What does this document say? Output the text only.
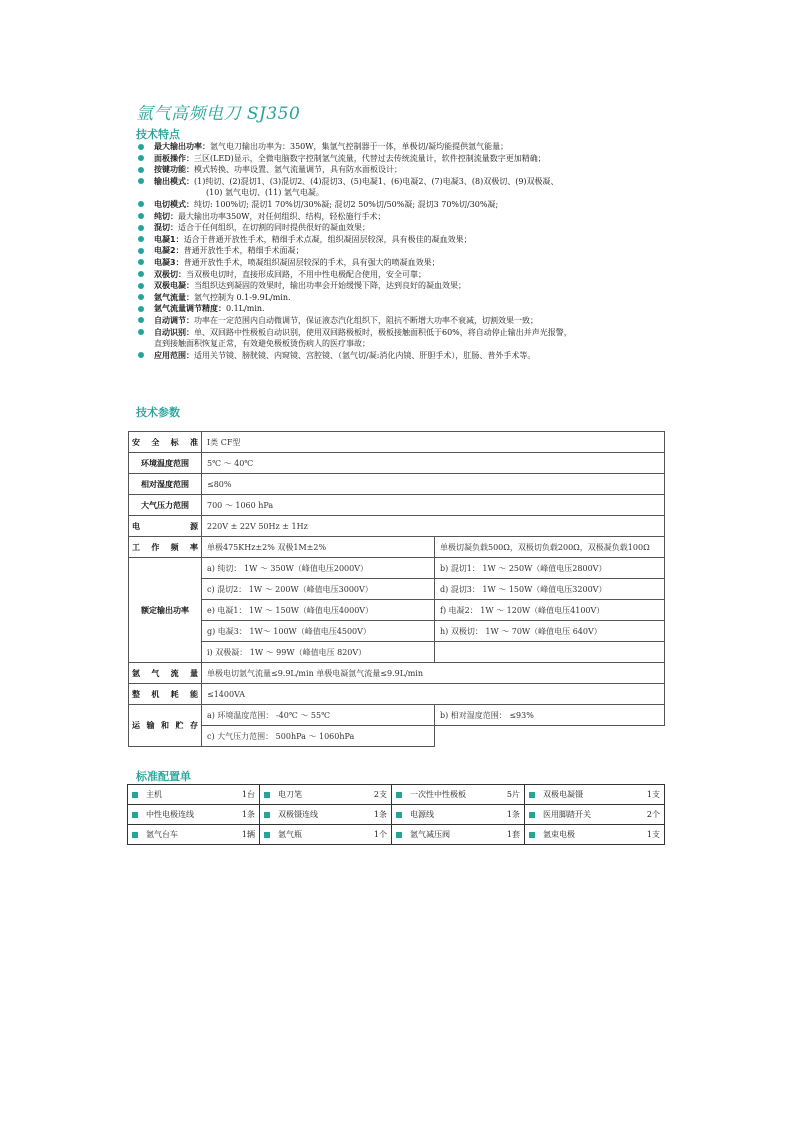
氩气高频电刀 SJ350
技术特点
最大输出功率：氩气电刀输出功率为：350W，集氩气控制器于一体，单极切/凝均能提供氩气能量；
面板操作：三区(LED)显示，全微电脑数字控制氩气流量，代替过去传统流量计，软件控制流量数字更加精确；
按键功能：模式转换、功率设置、氩气流量调节，具有防水面板设计；
输出模式：(1)纯切、(2)混切1、(3)混切2、(4)混切3、(5)电凝1、(6)电凝2、(7)电凝3、(8)双极切、(9)双极凝、
(10) 氩气电切、(11) 氩气电凝。
电切模式：纯切: 100%切; 混切1 70%切/30%凝; 混切2 50%切/50%凝; 混切3 70%切/30%凝;
纯切：最大输出功率350W，对任何组织、结构，轻松施行手术；
混切：适合于任何组织，在切割的同时提供很好的凝血效果；
电凝1：适合于普通开放性手术，精细手术点凝，组织凝固层较深，具有极佳的凝血效果；
电凝2：普通开放性手术，精细手术面凝；
电凝3：普通开放性手术，喷凝组织凝固层较深的手术，具有强大的喷凝血效果；
双极切：当双极电切时，直接形成回路，不用中性电极配合使用，安全可靠；
双极电凝：当组织达到凝固的效果时，输出功率会开始缓慢下降，达到良好的凝血效果；
氩气流量：氩气控制为 0.1-9.9L/min.
氩气流量调节精度：0.1L/min.
自动调节：功率在一定范围内自动微调节，保证液态汽化组织下，阻抗不断增大功率不衰减，切割效果一致；
自动识别：单、双回路中性极板自动识别，使用双回路极板时，极板接触面积低于60%，将自动停止输出并声光报警，
直到接触面积恢复正常，有效避免极板烫伤病人的医疗事故；
应用范围：适用关节镜、膀胱镜、内窥镜、宫腔镜、（氩气切/凝:消化内镜、肝胆手术），肛肠、普外手术等。
技术参数
安 全 标 准	Ⅰ类 CF型	
环境温度范围	5℃ ～ 40℃	
相对湿度范围	≤80%	
大气压力范围	700 ～ 1060 hPa	
电 源	220V ± 22V 50Hz ± 1Hz	
工 作 频 率	单极475KHz±2% 双极1M±2%	单极切凝负载500Ω，双极切负载200Ω，双极凝负载100Ω
额定输出功率	a) 纯切： 1W ～ 350W（峰值电压2000V）	b) 混切1： 1W ～ 250W（峰值电压2800V）
	c) 混切2： 1W ～ 200W（峰值电压3000V）	d) 混切3： 1W ～ 150W（峰值电压3200V）
	e) 电凝1： 1W ～ 150W（峰值电压4000V）	f) 电凝2： 1W ～ 120W（峰值电压4100V）
	g) 电凝3： 1W～ 100W（峰值电压4500V）	h) 双极切： 1W ～ 70W（峰值电压 640V）
	i) 双极凝： 1W ～ 99W（峰值电压 820V）	
氩 气 流 量	单极电切氩气流量≤9.9L/min 单极电凝氩气流量≤9.9L/min	
整 机 耗 能	≤1400VA	
运 输 和 贮 存	a) 环境温度范围： -40℃ ～ 55℃	b) 相对湿度范围： ≤93%
	c) 大气压力范围： 500hPa ～ 1060hPa	
标准配置单
主机 1台	电刀笔 2支	一次性中性极板 5片	双极电凝镊 1支

中性电极连线 1条	双极镊连线 1条	电源线 1条	医用脚踏开关 2个

氩气台车 1辆	氩气瓶 1个	氩气减压阀 1套	氩束电极 1支
